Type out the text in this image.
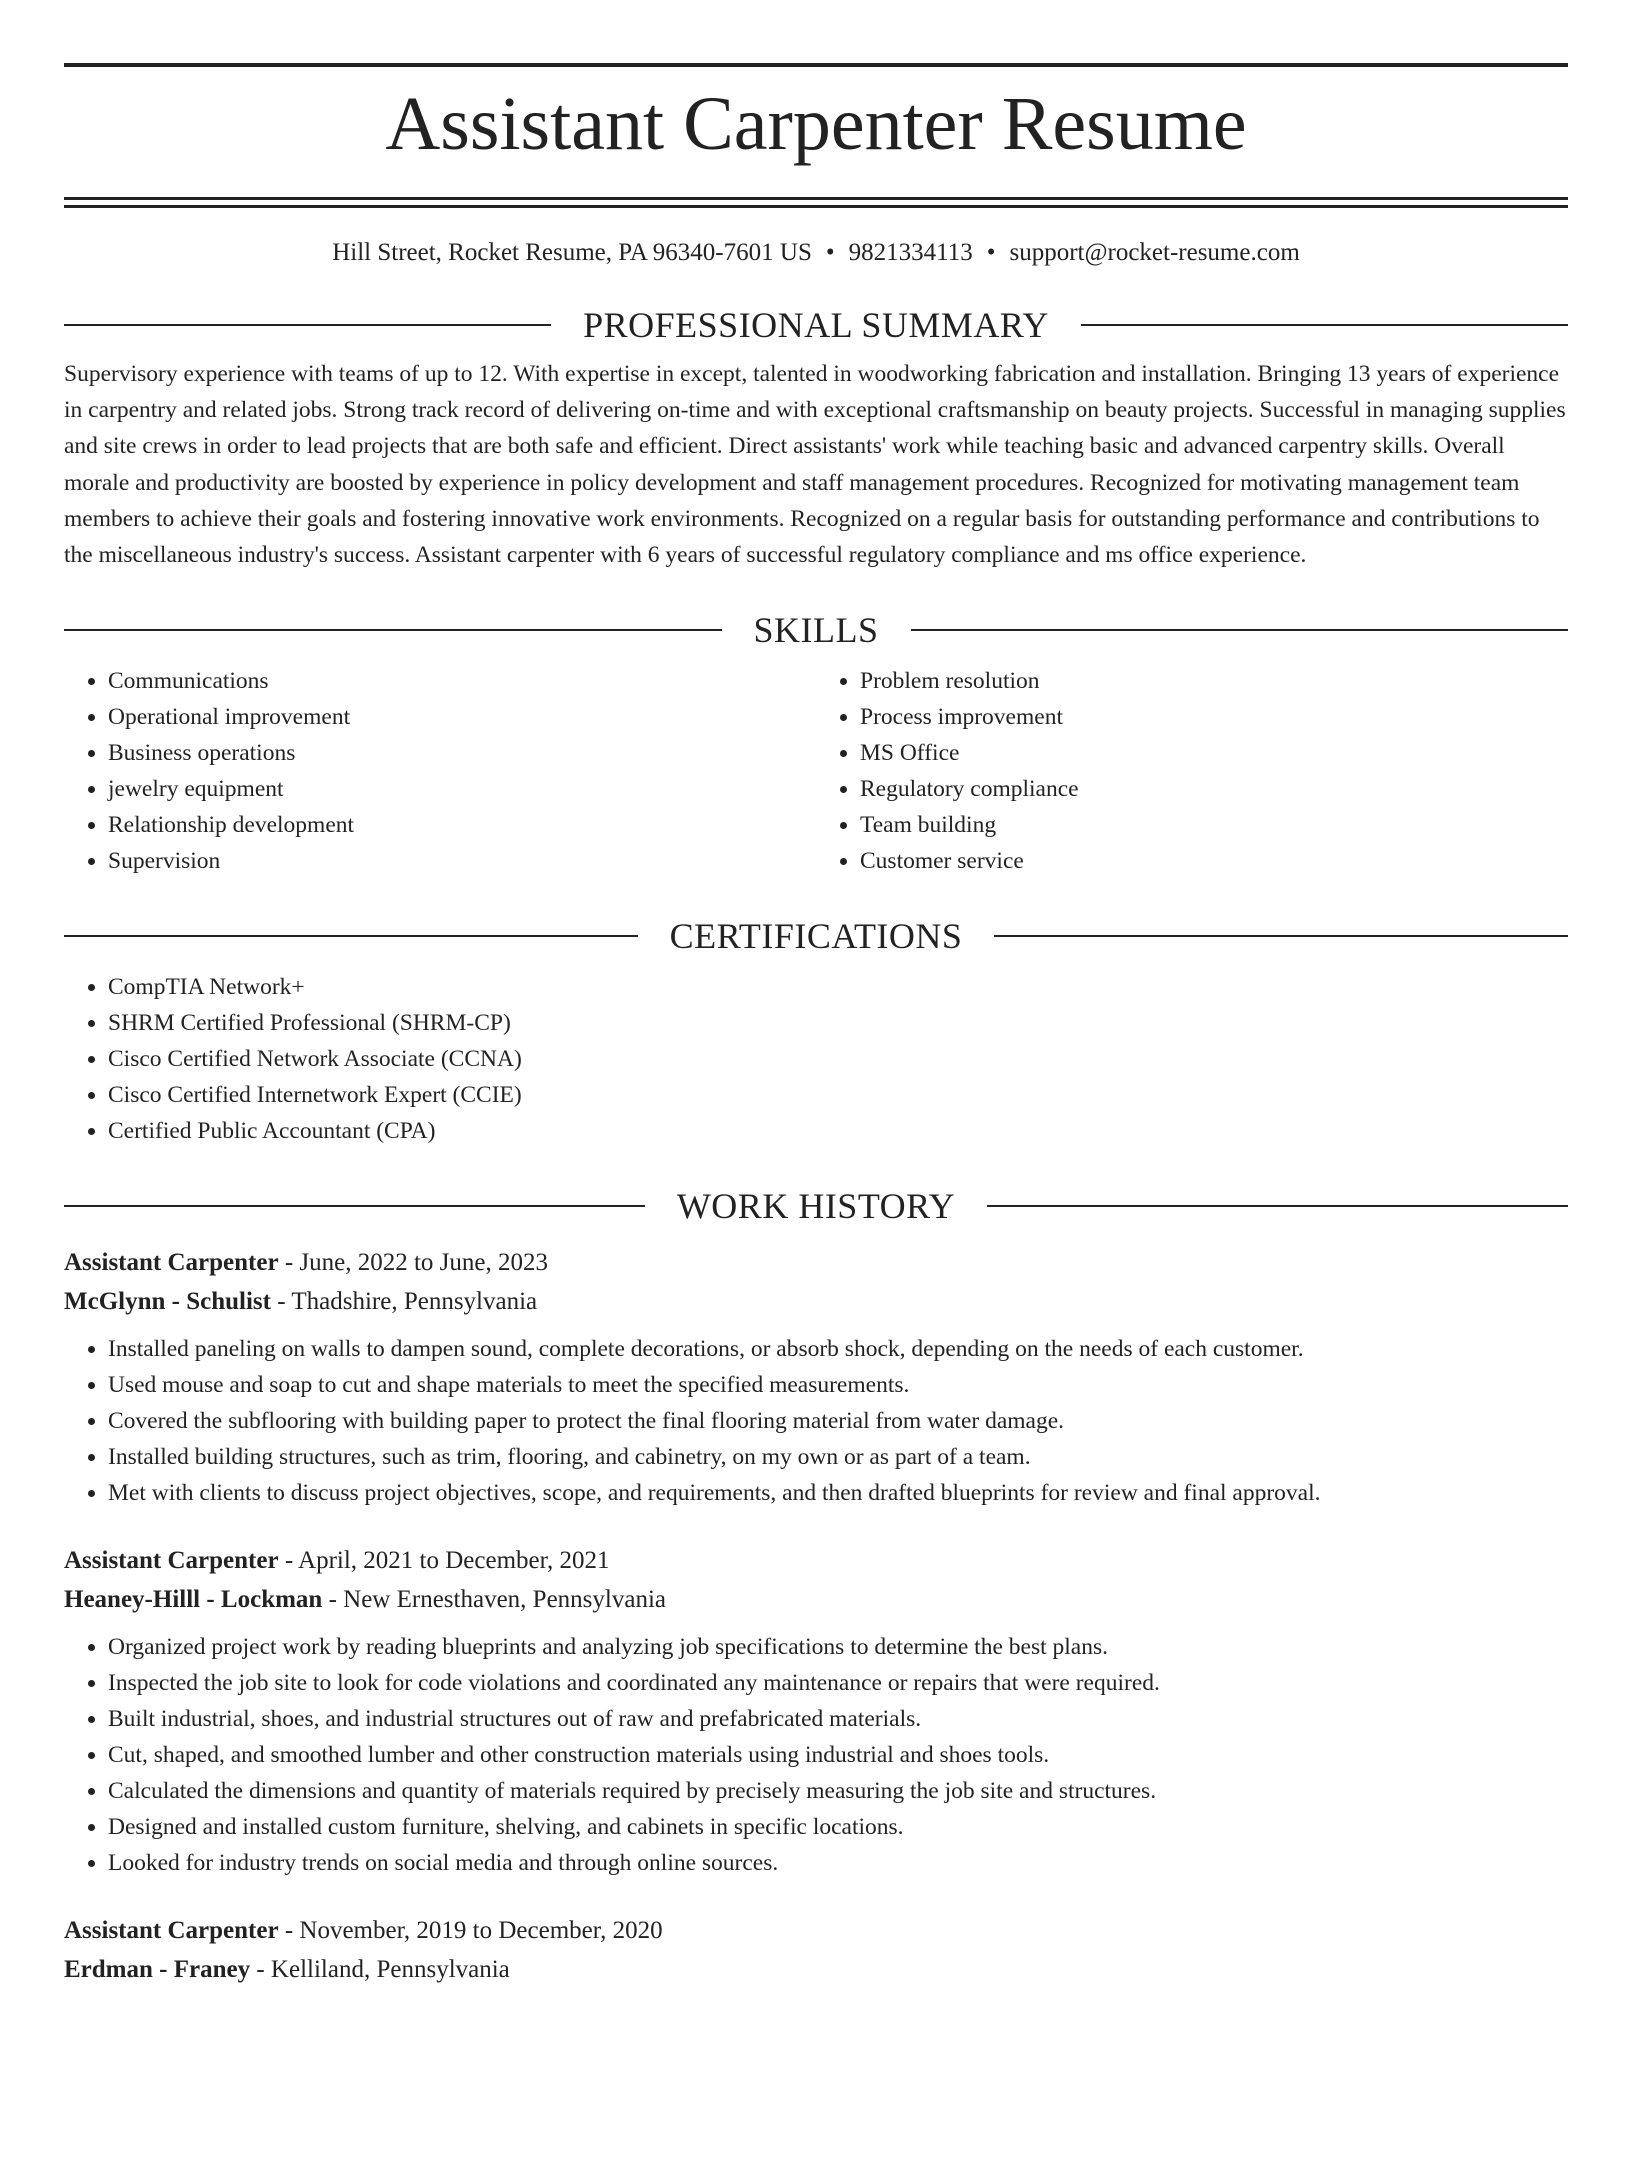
Assistant Carpenter Resume
Hill Street, Rocket Resume, PA 96340-7601 US • 9821334113 • support@rocket-resume.com
PROFESSIONAL SUMMARY

Supervisory experience with teams of up to 12. With expertise in except, talented in woodworking fabrication and installation. Bringing 13 years of experience in carpentry and related jobs. Strong track record of delivering on-time and with exceptional craftsmanship on beauty projects. Successful in managing supplies and site crews in order to lead projects that are both safe and efficient. Direct assistants' work while teaching basic and advanced carpentry skills. Overall morale and productivity are boosted by experience in policy development and staff management procedures. Recognized for motivating management team members to achieve their goals and fostering innovative work environments. Recognized on a regular basis for outstanding performance and contributions to the miscellaneous industry's success. Assistant carpenter with 6 years of successful regulatory compliance and ms office experience.

SKILLS
• Communications
• Operational improvement
• Business operations
• jewelry equipment
• Relationship development
• Supervision
• Problem resolution
• Process improvement
• MS Office
• Regulatory compliance
• Team building
• Customer service
CERTIFICATIONS
• CompTIA Network+
• SHRM Certified Professional (SHRM-CP)
• Cisco Certified Network Associate (CCNA)
• Cisco Certified Internetwork Expert (CCIE)
• Certified Public Accountant (CPA)
WORK HISTORY
Assistant Carpenter - June, 2022 to June, 2023
McGlynn - Schulist - Thadshire, Pennsylvania
• Installed paneling on walls to dampen sound, complete decorations, or absorb shock, depending on the needs of each customer.
• Used mouse and soap to cut and shape materials to meet the specified measurements.
• Covered the subflooring with building paper to protect the final flooring material from water damage.
• Installed building structures, such as trim, flooring, and cabinetry, on my own or as part of a team.
• Met with clients to discuss project objectives, scope, and requirements, and then drafted blueprints for review and final approval.
Assistant Carpenter - April, 2021 to December, 2021
Heaney-Hilll - Lockman - New Ernesthaven, Pennsylvania
• Organized project work by reading blueprints and analyzing job specifications to determine the best plans.
• Inspected the job site to look for code violations and coordinated any maintenance or repairs that were required.
• Built industrial, shoes, and industrial structures out of raw and prefabricated materials.
• Cut, shaped, and smoothed lumber and other construction materials using industrial and shoes tools.
• Calculated the dimensions and quantity of materials required by precisely measuring the job site and structures.
• Designed and installed custom furniture, shelving, and cabinets in specific locations.
• Looked for industry trends on social media and through online sources.
Assistant Carpenter - November, 2019 to December, 2020
Erdman - Franey - Kelliland, Pennsylvania
